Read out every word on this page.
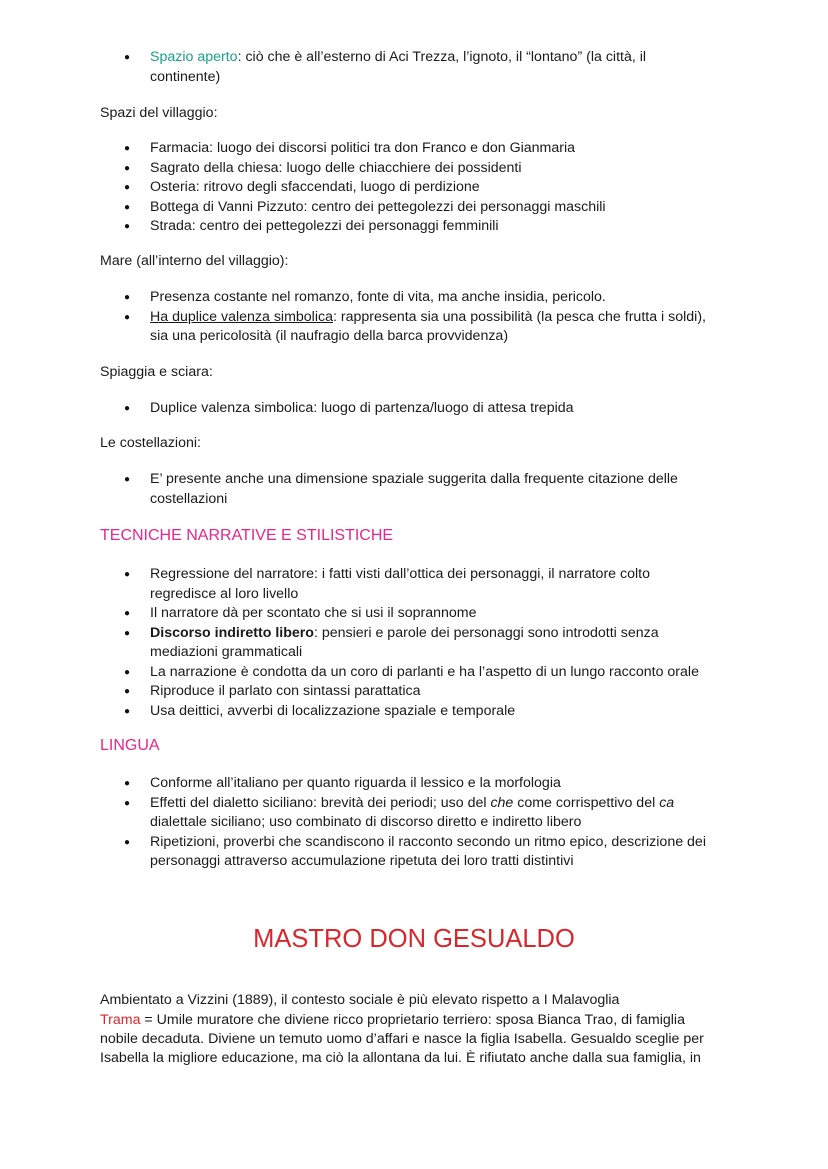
● Spazio aperto: ciò che è all’esterno di Aci Trezza, l’ignoto, il “lontano” (la città, il
continente)

Spazi del villaggio:

● Farmacia: luogo dei discorsi politici tra don Franco e don Gianmaria
● Sagrato della chiesa: luogo delle chiacchiere dei possidenti
● Osteria: ritrovo degli sfaccendati, luogo di perdizione
● Bottega di Vanni Pizzuto: centro dei pettegolezzi dei personaggi maschili
● Strada: centro dei pettegolezzi dei personaggi femminili

Mare (all’interno del villaggio):

● Presenza costante nel romanzo, fonte di vita, ma anche insidia, pericolo.
● Ha duplice valenza simbolica: rappresenta sia una possibilità (la pesca che frutta i soldi),
sia una pericolosità (il naufragio della barca provvidenza)

Spiaggia e sciara:

● Duplice valenza simbolica: luogo di partenza/luogo di attesa trepida

Le costellazioni:

● E’ presente anche una dimensione spaziale suggerita dalla frequente citazione delle
costellazioni

TECNICHE NARRATIVE E STILISTICHE

● Regressione del narratore: i fatti visti dall’ottica dei personaggi, il narratore colto
regredisce al loro livello
● Il narratore dà per scontato che si usi il soprannome
● Discorso indiretto libero: pensieri e parole dei personaggi sono introdotti senza
mediazioni grammaticali
● La narrazione è condotta da un coro di parlanti e ha l’aspetto di un lungo racconto orale
● Riproduce il parlato con sintassi parattatica
● Usa deittici, avverbi di localizzazione spaziale e temporale

LINGUA

● Conforme all’italiano per quanto riguarda il lessico e la morfologia
● Effetti del dialetto siciliano: brevità dei periodi; uso del che come corrispettivo del ca
dialettale siciliano; uso combinato di discorso diretto e indiretto libero
● Ripetizioni, proverbi che scandiscono il racconto secondo un ritmo epico, descrizione dei
personaggi attraverso accumulazione ripetuta dei loro tratti distintivi

MASTRO DON GESUALDO

Ambientato a Vizzini (1889), il contesto sociale è più elevato rispetto a I Malavoglia

Trama = Umile muratore che diviene ricco proprietario terriero: sposa Bianca Trao, di famiglia

nobile decaduta. Diviene un temuto uomo d’affari e nasce la figlia Isabella. Gesualdo sceglie per

Isabella la migliore educazione, ma ciò la allontana da lui. È rifiutato anche dalla sua famiglia, in
